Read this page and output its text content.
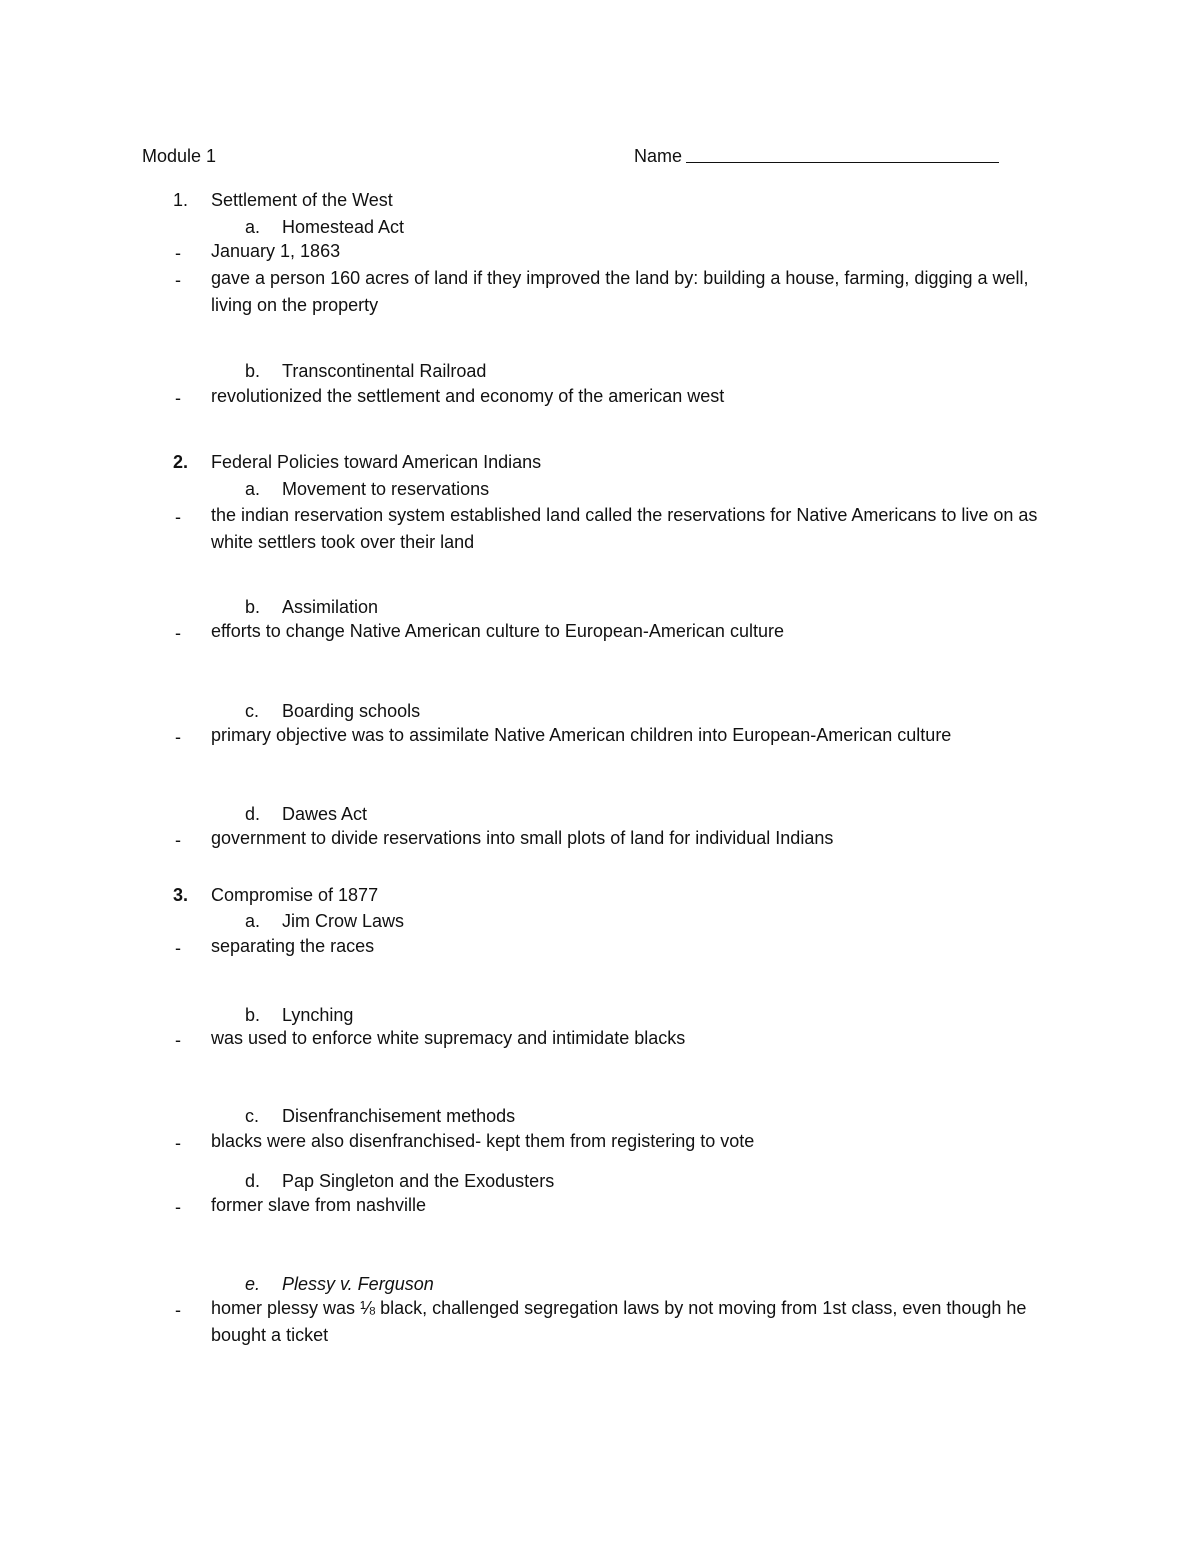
Module 1	Name
1. Settlement of the West
a. Homestead Act
- January 1, 1863
- gave a person 160 acres of land if they improved the land by: building a house, farming, digging a well, living on the property
b. Transcontinental Railroad
- revolutionized the settlement and economy of the american west
2. Federal Policies toward American Indians
a. Movement to reservations
- the indian reservation system established land called the reservations for Native Americans to live on as white settlers took over their land
b. Assimilation
- efforts to change Native American culture to European-American culture
c. Boarding schools
- primary objective was to assimilate Native American children into European-American culture
d. Dawes Act
- government to divide reservations into small plots of land for individual Indians
3. Compromise of 1877
a. Jim Crow Laws
- separating the races
b. Lynching
- was used to enforce white supremacy and intimidate blacks
c. Disenfranchisement methods
- blacks were also disenfranchised- kept them from registering to vote
d. Pap Singleton and the Exodusters
- former slave from nashville
e. Plessy v. Ferguson
- homer plessy was ⅛ black, challenged segregation laws by not moving from 1st class, even though he bought a ticket
